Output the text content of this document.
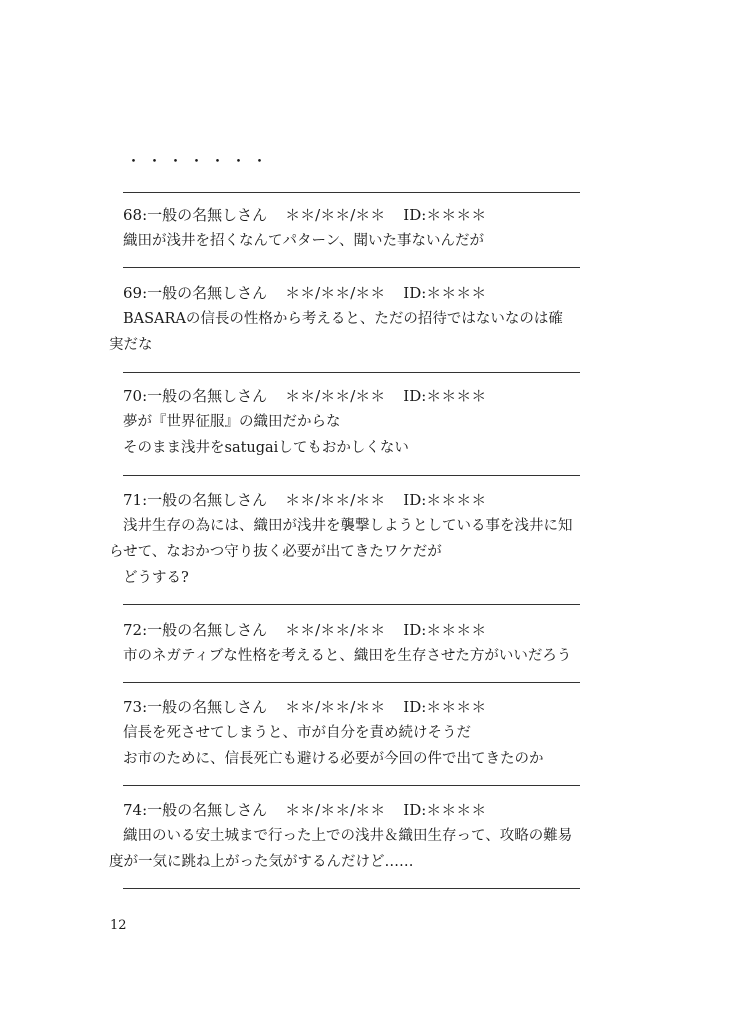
・・・・・・・
68:一般の名無しさん ＊＊/＊＊/＊＊ ID:＊＊＊＊
織田が浅井を招くなんてパターン、聞いた事ないんだが
69:一般の名無しさん ＊＊/＊＊/＊＊ ID:＊＊＊＊
BASARAの信長の性格から考えると、ただの招待ではないなのは確
実だな
70:一般の名無しさん ＊＊/＊＊/＊＊ ID:＊＊＊＊
夢が『世界征服』の織田だからな
そのまま浅井をsatugaiしてもおかしくない
71:一般の名無しさん ＊＊/＊＊/＊＊ ID:＊＊＊＊
浅井生存の為には、織田が浅井を襲撃しようとしている事を浅井に知
らせて、なおかつ守り抜く必要が出てきたワケだが
どうする?
72:一般の名無しさん ＊＊/＊＊/＊＊ ID:＊＊＊＊
市のネガティブな性格を考えると、織田を生存させた方がいいだろう
73:一般の名無しさん ＊＊/＊＊/＊＊ ID:＊＊＊＊
信長を死させてしまうと、市が自分を責め続けそうだ
お市のために、信長死亡も避ける必要が今回の件で出てきたのか
74:一般の名無しさん ＊＊/＊＊/＊＊ ID:＊＊＊＊
織田のいる安土城まで行った上での浅井＆織田生存って、攻略の難易
度が一気に跳ね上がった気がするんだけど……
12
